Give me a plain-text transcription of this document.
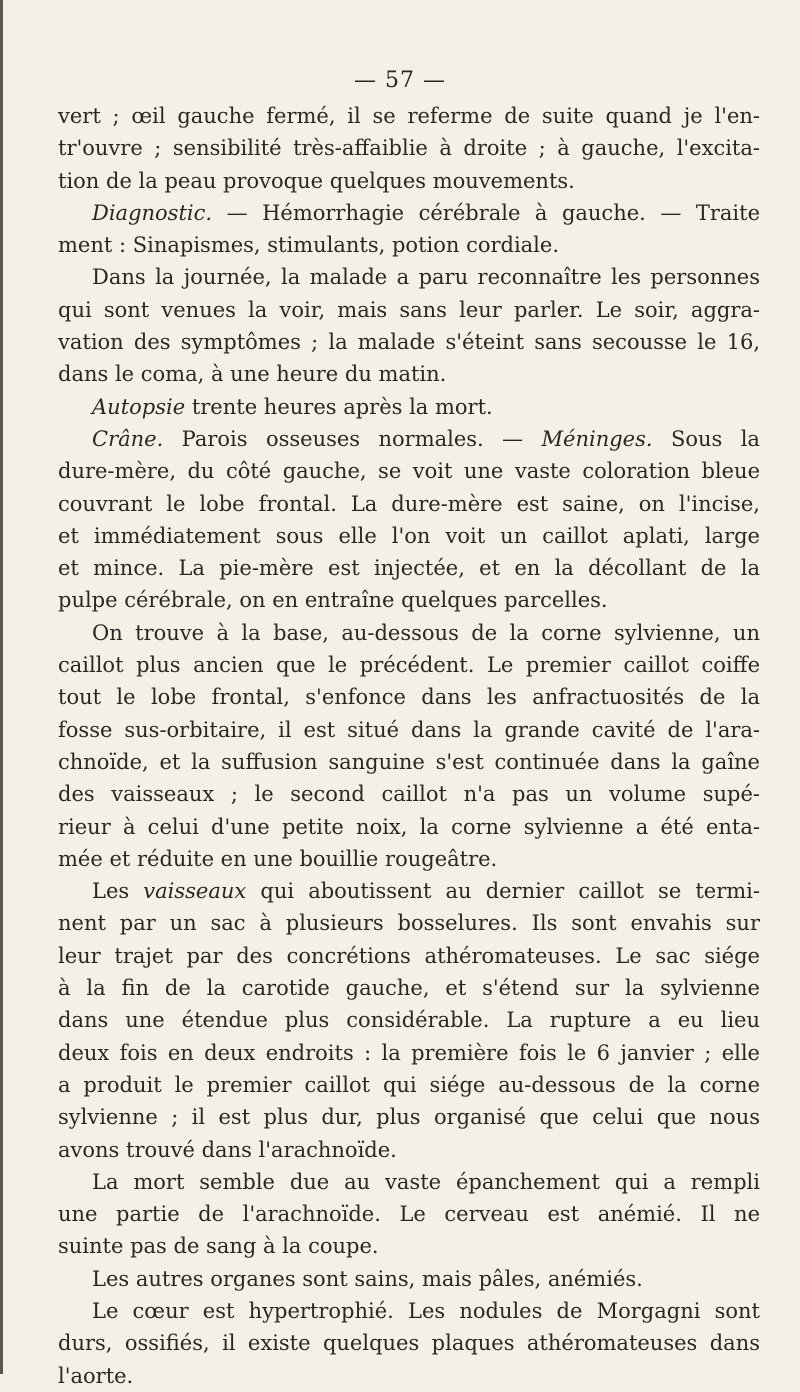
— 57 —
vert ; œil gauche fermé, il se referme de suite quand je l'en-
tr'ouvre ; sensibilité très-affaiblie à droite ; à gauche, l'excita-
tion de la peau provoque quelques mouvements.
Diagnostic. — Hémorrhagie cérébrale à gauche. — Traite
ment : Sinapismes, stimulants, potion cordiale.
Dans la journée, la malade a paru reconnaître les personnes
qui sont venues la voir, mais sans leur parler. Le soir, aggra-
vation des symptômes ; la malade s'éteint sans secousse le 16,
dans le coma, à une heure du matin.
Autopsie trente heures après la mort.
Crâne. Parois osseuses normales. — Méninges. Sous la
dure-mère, du côté gauche, se voit une vaste coloration bleue
couvrant le lobe frontal. La dure-mère est saine, on l'incise,
et immédiatement sous elle l'on voit un caillot aplati, large
et mince. La pie-mère est injectée, et en la décollant de la
pulpe cérébrale, on en entraîne quelques parcelles.
On trouve à la base, au-dessous de la corne sylvienne, un
caillot plus ancien que le précédent. Le premier caillot coiffe
tout le lobe frontal, s'enfonce dans les anfractuosités de la
fosse sus-orbitaire, il est situé dans la grande cavité de l'ara-
chnoïde, et la suffusion sanguine s'est continuée dans la gaîne
des vaisseaux ; le second caillot n'a pas un volume supé-
rieur à celui d'une petite noix, la corne sylvienne a été enta-
mée et réduite en une bouillie rougeâtre.
Les vaisseaux qui aboutissent au dernier caillot se termi-
nent par un sac à plusieurs bosselures. Ils sont envahis sur
leur trajet par des concrétions athéromateuses. Le sac siége
à la fin de la carotide gauche, et s'étend sur la sylvienne
dans une étendue plus considérable. La rupture a eu lieu
deux fois en deux endroits : la première fois le 6 janvier ; elle
a produit le premier caillot qui siége au-dessous de la corne
sylvienne ; il est plus dur, plus organisé que celui que nous
avons trouvé dans l'arachnoïde.
La mort semble due au vaste épanchement qui a rempli
une partie de l'arachnoïde. Le cerveau est anémié. Il ne
suinte pas de sang à la coupe.
Les autres organes sont sains, mais pâles, anémiés.
Le cœur est hypertrophié. Les nodules de Morgagni sont
durs, ossifiés, il existe quelques plaques athéromateuses dans
l'aorte.
